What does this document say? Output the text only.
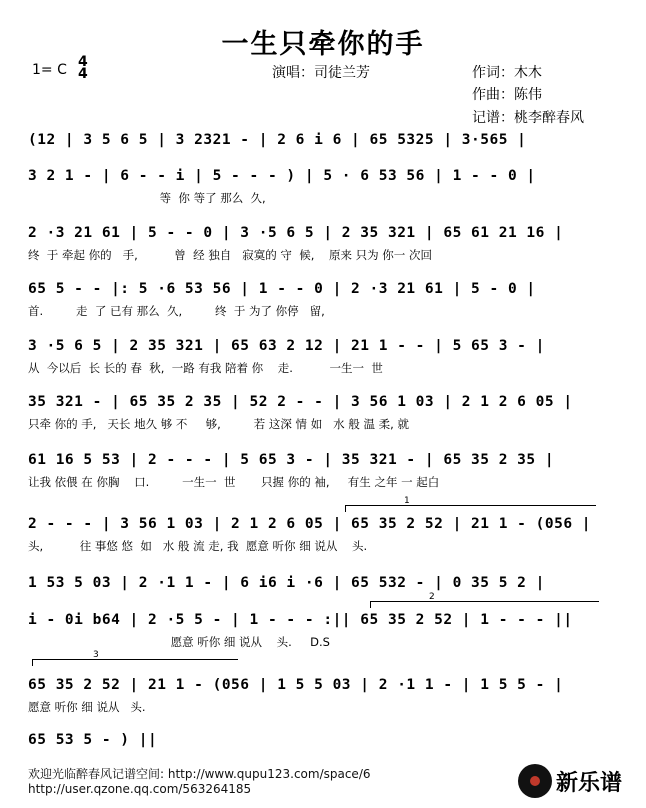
一生只牵你的手
1= C 4
4	演唱：司徒兰芳	作词：木木
作曲：陈伟
记谱：桃李醉春风
(12 | 3 5 6 5 | 3 2321 - | 2 6 i 6 | 65 5325 | 3·565 |
3 2 1 - | 6 - - i | 5 - - - ) | 5 · 6 53 56 | 1 - - 0 |
等  你 等了 那么  久,
2 ·3 21 61 | 5 - - 0 | 3 ·5 6 5 | 2 35 321 | 65 61 21 16 |
终  于 牵起 你的   手,          曾  经 独自   寂寞的 守  候,    原来 只为 你一 次回
65 5 - - |: 5 ·6 53 56 | 1 - - 0 | 2 ·3 21 61 | 5 - 0 |
首.         走  了 已有 那么  久,         终  于 为了 你停   留,
3 ·5 6 5 | 2 35 321 | 65 63 2 12 | 21 1 - - | 5 65 3 - |
从  今以后  长 长的 春  秋,  一路 有我 陪着 你    走.          一生一  世
35 321 - | 65 35 2 35 | 52 2 - - | 3 56 1 03 | 2 1 2 6 05 |
只牵 你的 手,   天长 地久 够 不     够,         若 这深 情 如   水 般 温 柔, 就
61 16 5 53 | 2 - - - | 5 65 3 - | 35 321 - | 65 35 2 35 |
让我 依偎 在 你胸    口.         一生一  世       只握 你的 袖,     有生 之年 一 起白
1
2 - - - | 3 56 1 03 | 2 1 2 6 05 | 65 35 2 52 | 21 1 - (056 |
头,          往 事悠 悠  如   水 般 流 走, 我  愿意 听你 细 说从    头.
1 53 5 03 | 2 ·1 1 - | 6 i6 i ·6 | 65 532 - | 0 35 5 2 |
2
i - 0i b64 | 2 ·5 5 - | 1 - - - :|| 65 35 2 52 | 1 - - - ||
愿意 听你 细 说从    头.     D.S
3
65 35 2 52 | 21 1 - (056 | 1 5 5 03 | 2 ·1 1 - | 1 5 5 - |
愿意 听你 细 说从   头.
65 53 5 - ) ||
欢迎光临醉春风记谱空间: http://www.qupu123.com/space/6
http://user.qzone.qq.com/563264185	新乐谱
